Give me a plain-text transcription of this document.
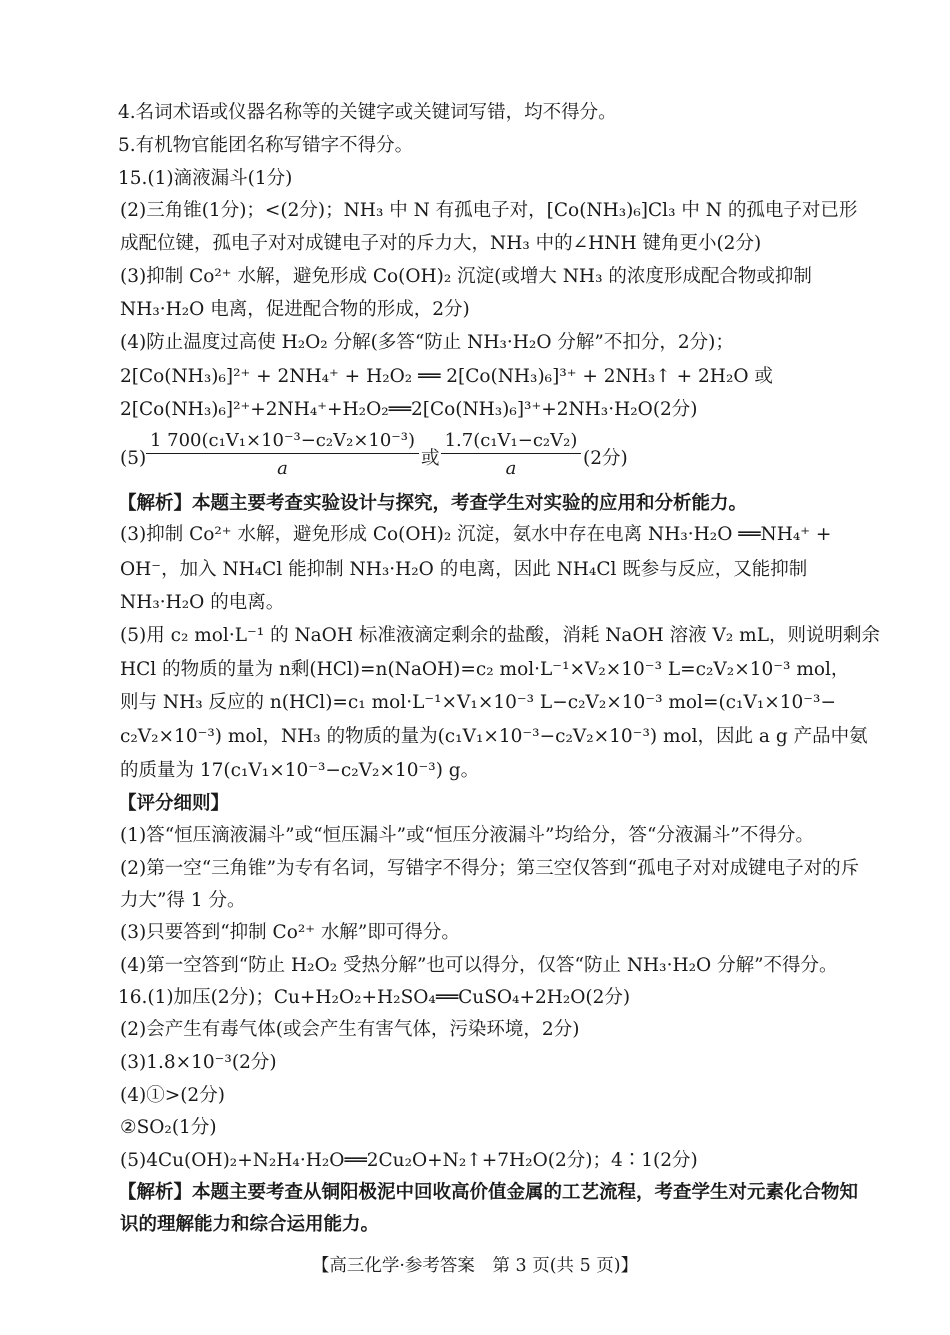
4.名词术语或仪器名称等的关键字或关键词写错，均不得分。
5.有机物官能团名称写错字不得分。
15.(1)滴液漏斗(1分)
(2)三角锥(1分)；<(2分)；NH₃ 中 N 有孤电子对，[Co(NH₃)₆]Cl₃ 中 N 的孤电子对已形
成配位键，孤电子对对成键电子对的斥力大，NH₃ 中的∠HNH 键角更小(2分)
(3)抑制 Co²⁺ 水解，避免形成 Co(OH)₂ 沉淀(或增大 NH₃ 的浓度形成配合物或抑制
NH₃·H₂O 电离，促进配合物的形成，2分)
(4)防止温度过高使 H₂O₂ 分解(多答“防止 NH₃·H₂O 分解”不扣分，2分)；
2[Co(NH₃)₆]²⁺ + 2NH₄⁺ + H₂O₂ ══ 2[Co(NH₃)₆]³⁺ + 2NH₃↑ + 2H₂O 或
2[Co(NH₃)₆]²⁺+2NH₄⁺+H₂O₂══2[Co(NH₃)₆]³⁺+2NH₃·H₂O(2分)
$(5) \frac{\text{1 700(c₁V₁×10⁻³−c₂V₂×10⁻³)}}{a}$ 或 $\frac{\text{1.7(c₁V₁−c₂V₂)}}{a} (2$分)
【解析】本题主要考查实验设计与探究，考查学生对实验的应用和分析能力。
(3)抑制 Co²⁺ 水解，避免形成 Co(OH)₂ 沉淀，氨水中存在电离 NH₃·H₂O ══NH₄⁺ +
OH⁻，加入 NH₄Cl 能抑制 NH₃·H₂O 的电离，因此 NH₄Cl 既参与反应，又能抑制
NH₃·H₂O 的电离。
(5)用 c₂ mol·L⁻¹ 的 NaOH 标准液滴定剩余的盐酸，消耗 NaOH 溶液 V₂ mL，则说明剩余
HCl 的物质的量为 n剩(HCl)=n(NaOH)=c₂ mol·L⁻¹×V₂×10⁻³ L=c₂V₂×10⁻³ mol，
则与 NH₃ 反应的 n(HCl)=c₁ mol·L⁻¹×V₁×10⁻³ L−c₂V₂×10⁻³ mol=(c₁V₁×10⁻³−
c₂V₂×10⁻³) mol，NH₃ 的物质的量为(c₁V₁×10⁻³−c₂V₂×10⁻³) mol，因此 a g 产品中氨
的质量为 17(c₁V₁×10⁻³−c₂V₂×10⁻³) g。
【评分细则】
(1)答“恒压滴液漏斗”或“恒压漏斗”或“恒压分液漏斗”均给分，答“分液漏斗”不得分。
(2)第一空“三角锥”为专有名词，写错字不得分；第三空仅答到“孤电子对对成键电子对的斥
力大”得 1 分。
(3)只要答到“抑制 Co²⁺ 水解”即可得分。
(4)第一空答到“防止 H₂O₂ 受热分解”也可以得分，仅答“防止 NH₃·H₂O 分解”不得分。
16.(1)加压(2分)；Cu+H₂O₂+H₂SO₄══CuSO₄+2H₂O(2分)
(2)会产生有毒气体(或会产生有害气体，污染环境，2分)
(3)1.8×10⁻³(2分)
(4)①>(2分)
②SO₂(1分)
(5)4Cu(OH)₂+N₂H₄·H₂O══2Cu₂O+N₂↑+7H₂O(2分)；4∶1(2分)
【解析】本题主要考查从铜阳极泥中回收高价值金属的工艺流程，考查学生对元素化合物知
识的理解能力和综合运用能力。
【高三化学·参考答案　第 3 页(共 5 页)】
